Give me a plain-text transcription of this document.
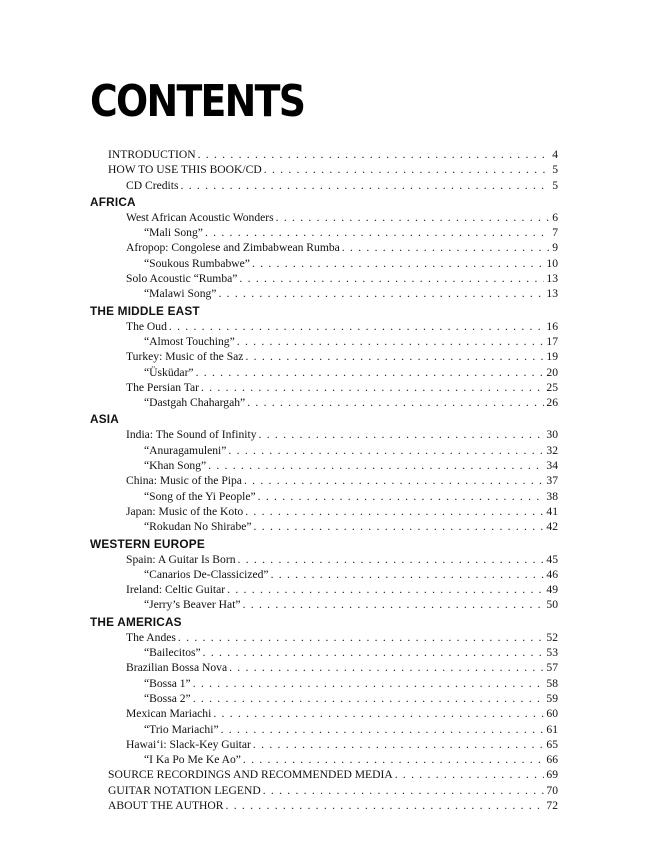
CONTENTS
INTRODUCTION . . .	4
HOW TO USE THIS BOOK/CD . . .	5
CD Credits . . .	5
AFRICA
West African Acoustic Wonders . . .	6
“Mali Song” . . .	7
Afropop: Congolese and Zimbabwean Rumba . . .	9
“Soukous Rumbabwe” . . .	10
Solo Acoustic “Rumba” . . .	13
“Malawi Song” . . .	13
THE MIDDLE EAST
The Oud . . .	16
“Almost Touching” . . .	17
Turkey: Music of the Saz . . .	19
“Üsküdar” . . .	20
The Persian Tar . . .	25
“Dastgah Chahargah” . . .	26
ASIA
India: The Sound of Infinity . . .	30
“Anuragamuleni” . . .	32
“Khan Song” . . .	34
China: Music of the Pipa . . .	37
“Song of the Yi People” . . .	38
Japan: Music of the Koto . . .	41
“Rokudan No Shirabe” . . .	42
WESTERN EUROPE
Spain: A Guitar Is Born . . .	45
“Canarios De-Classicized” . . .	46
Ireland: Celtic Guitar . . .	49
“Jerry’s Beaver Hat” . . .	50
THE AMERICAS
The Andes . . .	52
“Bailecitos” . . .	53
Brazilian Bossa Nova . . .	57
“Bossa 1” . . .	58
“Bossa 2” . . .	59
Mexican Mariachi . . .	60
“Trio Mariachi” . . .	61
Hawai‘i: Slack-Key Guitar . . .	65
“I Ka Po Me Ke Ao” . . .	66
SOURCE RECORDINGS AND RECOMMENDED MEDIA . . .	69
GUITAR NOTATION LEGEND . . .	70
ABOUT THE AUTHOR . . .	72
